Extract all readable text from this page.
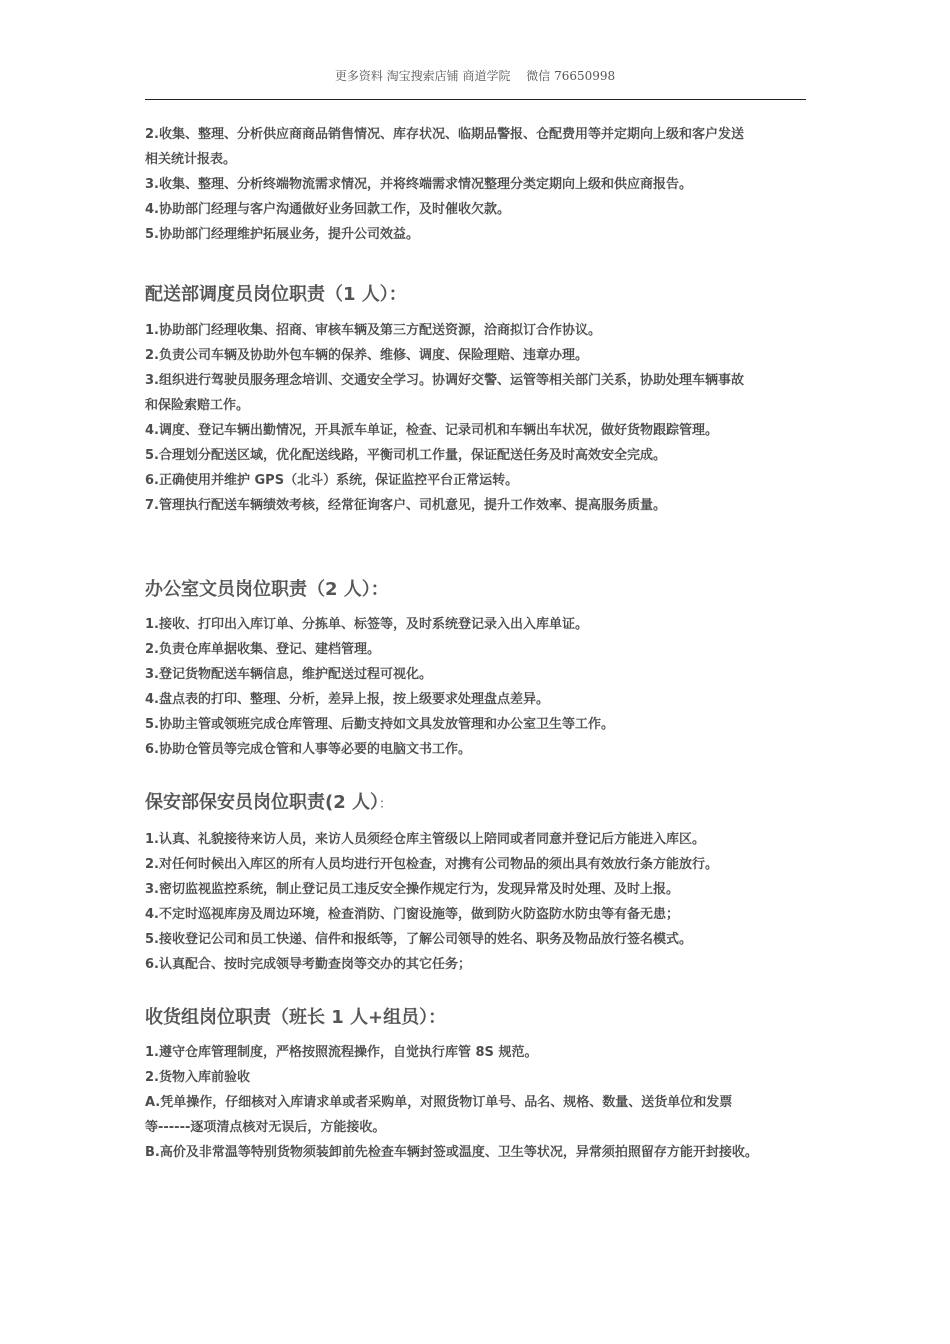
更多资料 淘宝搜索店铺 商道学院 　微信 76650998
2.收集、整理、分析供应商商品销售情况、库存状况、临期品警报、仓配费用等并定期向上级和客户发送
相关统计报表。
3.收集、整理、分析终端物流需求情况，并将终端需求情况整理分类定期向上级和供应商报告。
4.协助部门经理与客户沟通做好业务回款工作，及时催收欠款。
5.协助部门经理维护拓展业务，提升公司效益。
配送部调度员岗位职责（1 人）：
1.协助部门经理收集、招商、审核车辆及第三方配送资源，洽商拟订合作协议。
2.负责公司车辆及协助外包车辆的保养、维修、调度、保险理赔、违章办理。
3.组织进行驾驶员服务理念培训、交通安全学习。协调好交警、运管等相关部门关系，协助处理车辆事故
和保险索赔工作。
4.调度、登记车辆出勤情况，开具派车单证，检查、记录司机和车辆出车状况，做好货物跟踪管理。
5.合理划分配送区域，优化配送线路，平衡司机工作量，保证配送任务及时高效安全完成。
6.正确使用并维护 GPS（北斗）系统，保证监控平台正常运转。
7.管理执行配送车辆绩效考核，经常征询客户、司机意见，提升工作效率、提高服务质量。
办公室文员岗位职责（2 人）：
1.接收、打印出入库订单、分拣单、标签等，及时系统登记录入出入库单证。
2.负责仓库单据收集、登记、建档管理。
3.登记货物配送车辆信息，维护配送过程可视化。
4.盘点表的打印、整理、分析，差异上报，按上级要求处理盘点差异。
5.协助主管或领班完成仓库管理、后勤支持如文具发放管理和办公室卫生等工作。
6.协助仓管员等完成仓管和人事等必要的电脑文书工作。
保安部保安员岗位职责(2 人）：
1.认真、礼貌接待来访人员，来访人员须经仓库主管级以上陪同或者同意并登记后方能进入库区。
2.对任何时候出入库区的所有人员均进行开包检查，对携有公司物品的须出具有效放行条方能放行。
3.密切监视监控系统，制止登记员工违反安全操作规定行为，发现异常及时处理、及时上报。
4.不定时巡视库房及周边环境，检查消防、门窗设施等，做到防火防盗防水防虫等有备无患；
5.接收登记公司和员工快递、信件和报纸等，了解公司领导的姓名、职务及物品放行签名模式。
6.认真配合、按时完成领导考勤查岗等交办的其它任务；
收货组岗位职责（班长 1 人+组员）：
1.遵守仓库管理制度，严格按照流程操作，自觉执行库管 8S 规范。
2.货物入库前验收
A.凭单操作，仔细核对入库请求单或者采购单，对照货物订单号、品名、规格、数量、送货单位和发票
等------逐项清点核对无误后，方能接收。
B.高价及非常温等特别货物须装卸前先检查车辆封签或温度、卫生等状况，异常须拍照留存方能开封接收。
